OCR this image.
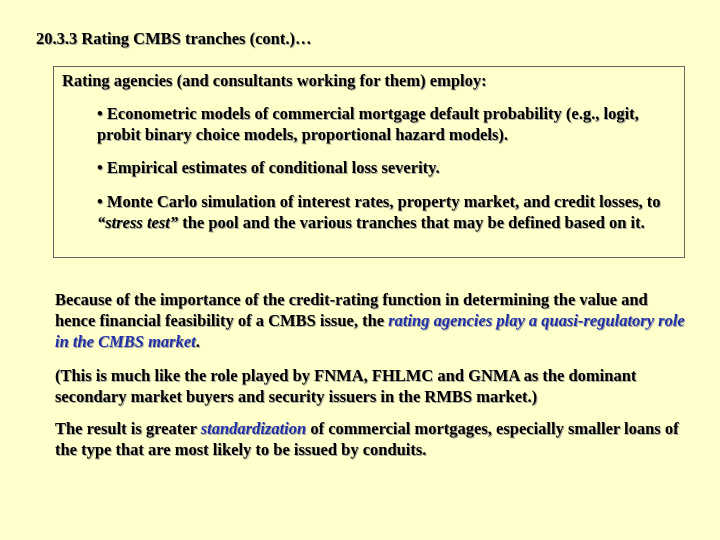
20.3.3 Rating CMBS tranches (cont.)…
Rating agencies (and consultants working for them) employ:
• Econometric models of commercial mortgage default probability (e.g., logit, probit binary choice models, proportional hazard models).
• Empirical estimates of conditional loss severity.
• Monte Carlo simulation of interest rates, property market, and credit losses, to “stress test” the pool and the various tranches that may be defined based on it.
Because of the importance of the credit-rating function in determining the value and hence financial feasibility of a CMBS issue, the rating agencies play a quasi-regulatory role in the CMBS market.
(This is much like the role played by FNMA, FHLMC and GNMA as the dominant secondary market buyers and security issuers in the RMBS market.)
The result is greater standardization of commercial mortgages, especially smaller loans of the type that are most likely to be issued by conduits.
